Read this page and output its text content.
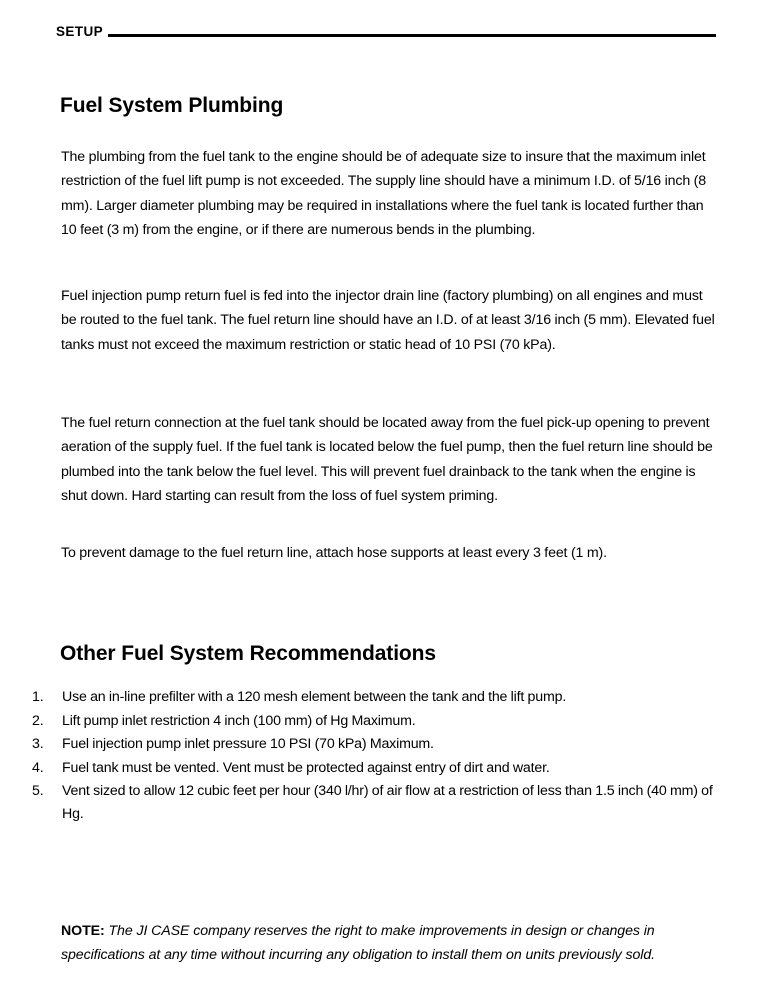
SETUP
Fuel System Plumbing

The plumbing from the fuel tank to the engine should be of adequate size to insure that the maximum inlet restriction of the fuel lift pump is not exceeded. The supply line should have a minimum I.D. of 5/16 inch (8 mm). Larger diameter plumbing may be required in installations where the fuel tank is located further than 10 feet (3 m) from the engine, or if there are numerous bends in the plumbing.

Fuel injection pump return fuel is fed into the injector drain line (factory plumbing) on all engines and must be routed to the fuel tank. The fuel return line should have an I.D. of at least 3/16 inch (5 mm). Elevated fuel tanks must not exceed the maximum restriction or static head of 10 PSI (70 kPa).

The fuel return connection at the fuel tank should be located away from the fuel pick-up opening to prevent aeration of the supply fuel. If the fuel tank is located below the fuel pump, then the fuel return line should be plumbed into the tank below the fuel level. This will prevent fuel drainback to the tank when the engine is shut down. Hard starting can result from the loss of fuel system priming.

To prevent damage to the fuel return line, attach hose supports at least every 3 feet (1 m).

Other Fuel System Recommendations
1.	Use an in-line prefilter with a 120 mesh element between the tank and the lift pump.
2.	Lift pump inlet restriction 4 inch (100 mm) of Hg Maximum.
3.	Fuel injection pump inlet pressure 10 PSI (70 kPa) Maximum.
4.	Fuel tank must be vented. Vent must be protected against entry of dirt and water.
5.	Vent sized to allow 12 cubic feet per hour (340 l/hr) of air flow at a restriction of less than 1.5 inch (40 mm) of Hg.

NOTE: The JI CASE company reserves the right to make improvements in design or changes in specifications at any time without incurring any obligation to install them on units previously sold.
